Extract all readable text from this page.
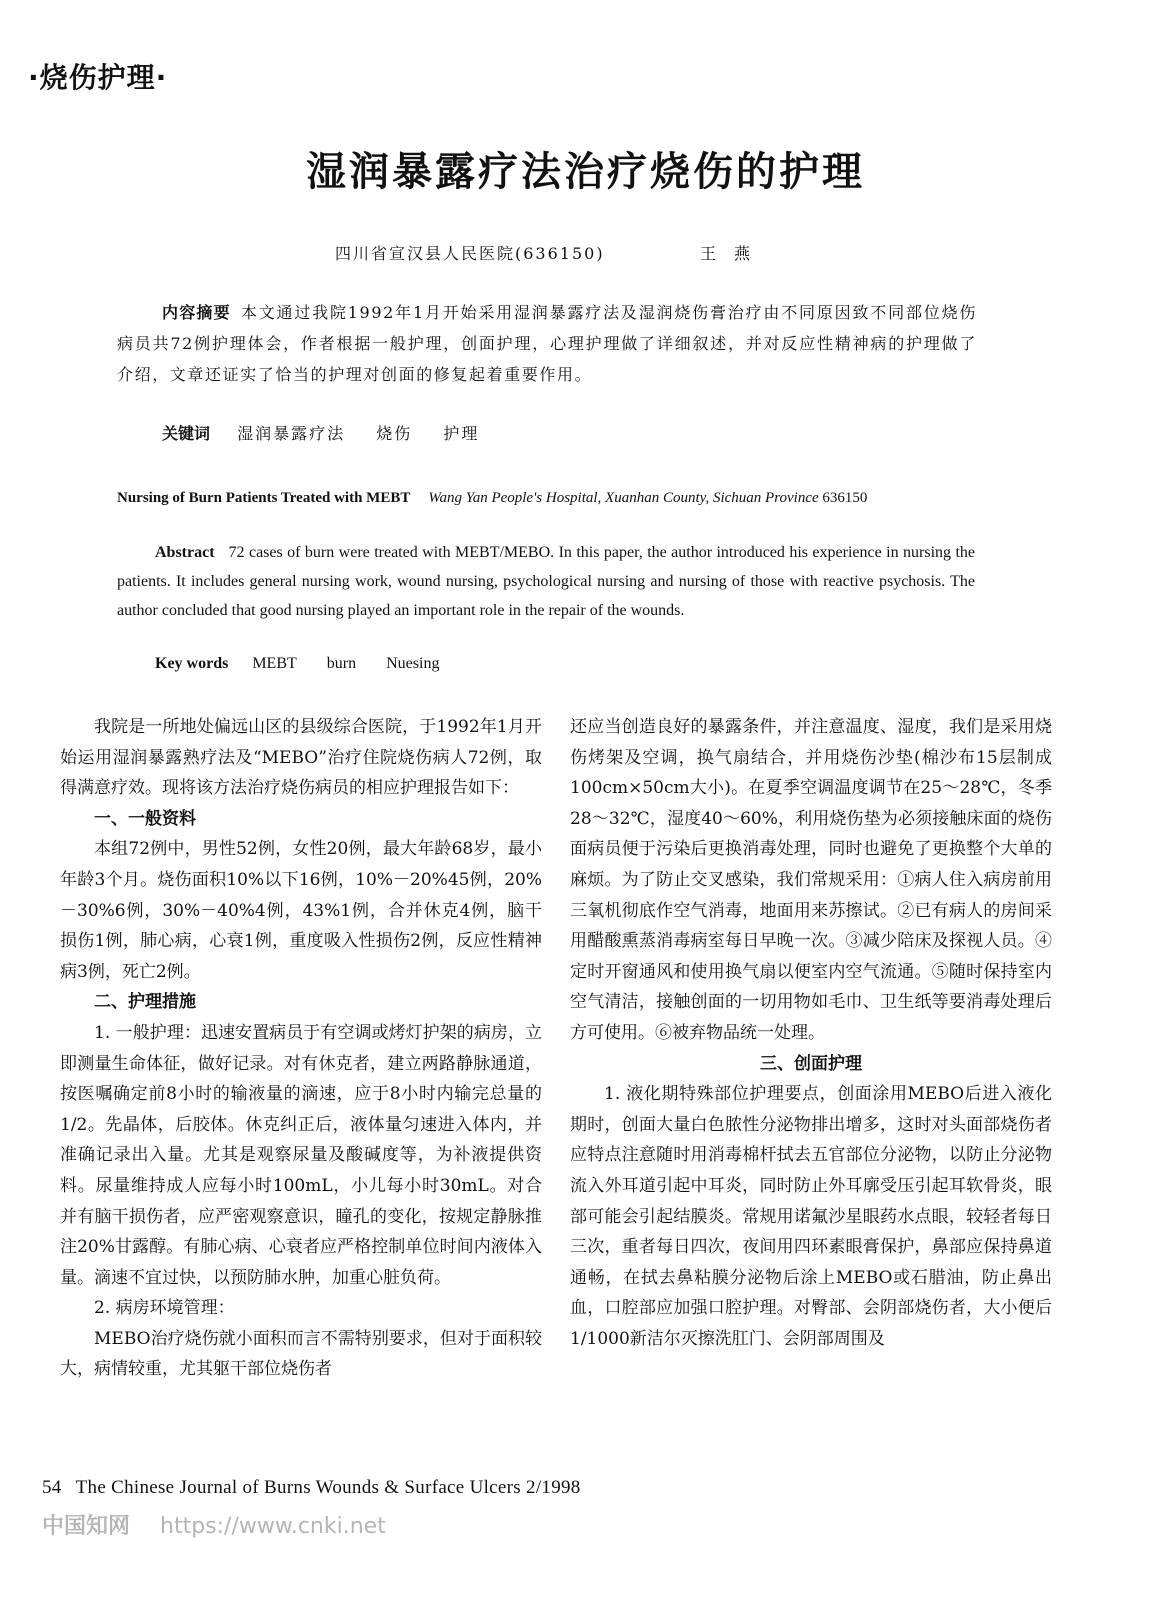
·烧伤护理·
湿润暴露疗法治疗烧伤的护理
四川省宣汉县人民医院(636150)	王燕
内容摘要 本文通过我院1992年1月开始采用湿润暴露疗法及湿润烧伤膏治疗由不同原因致不同部位烧伤病员共72例护理体会，作者根据一般护理，创面护理，心理护理做了详细叙述，并对反应性精神病的护理做了介绍，文章还证实了恰当的护理对创面的修复起着重要作用。
关键词 湿润暴露疗法 烧伤 护理
Nursing of Burn Patients Treated with MEBT Wang Yan People's Hospital, Xuanhan County, Sichuan Province 636150
Abstract 72 cases of burn were treated with MEBT/MEBO. In this paper, the author introduced his experience in nursing the patients. It includes general nursing work, wound nursing, psychological nursing and nursing of those with reactive psychosis. The author concluded that good nursing played an important role in the repair of the wounds.
Key words MEBT burn Nuesing

我院是一所地处偏远山区的县级综合医院，于1992年1月开始运用湿润暴露熟疗法及“MEBO”治疗住院烧伤病人72例，取得满意疗效。现将该方法治疗烧伤病员的相应护理报告如下：

一、一般资料

本组72例中，男性52例，女性20例，最大年龄68岁，最小年龄3个月。烧伤面积10%以下16例，10%－20%45例，20%－30%6例，30%－40%4例，43%1例，合并休克4例，脑干损伤1例，肺心病，心衰1例，重度吸入性损伤2例，反应性精神病3例，死亡2例。

二、护理措施

1. 一般护理：迅速安置病员于有空调或烤灯护架的病房，立即测量生命体征，做好记录。对有休克者，建立两路静脉通道，按医嘱确定前8小时的输液量的滴速，应于8小时内输完总量的1/2。先晶体，后胶体。休克纠正后，液体量匀速进入体内，并准确记录出入量。尤其是观察尿量及酸碱度等，为补液提供资料。尿量维持成人应每小时100mL，小儿每小时30mL。对合并有脑干损伤者，应严密观察意识，瞳孔的变化，按规定静脉推注20%甘露醇。有肺心病、心衰者应严格控制单位时间内液体入量。滴速不宜过快，以预防肺水肿，加重心脏负荷。

2. 病房环境管理：

MEBO治疗烧伤就小面积而言不需特别要求，但对于面积较大，病情较重，尤其躯干部位烧伤者

还应当创造良好的暴露条件，并注意温度、湿度，我们是采用烧伤烤架及空调，换气扇结合，并用烧伤沙垫(棉沙布15层制成100cm×50cm大小)。在夏季空调温度调节在25～28℃，冬季28～32℃，湿度40～60%，利用烧伤垫为必须接触床面的烧伤面病员便于污染后更换消毒处理，同时也避免了更换整个大单的麻烦。为了防止交叉感染，我们常规采用：①病人住入病房前用三氧机彻底作空气消毒，地面用来苏擦试。②已有病人的房间采用醋酸熏蒸消毒病室每日早晚一次。③减少陪床及探视人员。④定时开窗通风和使用换气扇以便室内空气流通。⑤随时保持室内空气清洁，接触创面的一切用物如毛巾、卫生纸等要消毒处理后方可使用。⑥被弃物品统一处理。

三、创面护理

1. 液化期特殊部位护理要点，创面涂用MEBO后进入液化期时，创面大量白色脓性分泌物排出增多，这时对头面部烧伤者应特点注意随时用消毒棉杆拭去五官部位分泌物，以防止分泌物流入外耳道引起中耳炎，同时防止外耳廓受压引起耳软骨炎，眼部可能会引起结膜炎。常规用诺氟沙星眼药水点眼，较轻者每日三次，重者每日四次，夜间用四环素眼膏保护，鼻部应保持鼻道通畅，在拭去鼻粘膜分泌物后涂上MEBO或石腊油，防止鼻出血，口腔部应加强口腔护理。对臀部、会阴部烧伤者，大小便后1/1000新洁尔灭擦洗肛门、会阴部周围及

54 The Chinese Journal of Burns Wounds & Surface Ulcers 2/1998
中国知网 https://www.cnki.net
